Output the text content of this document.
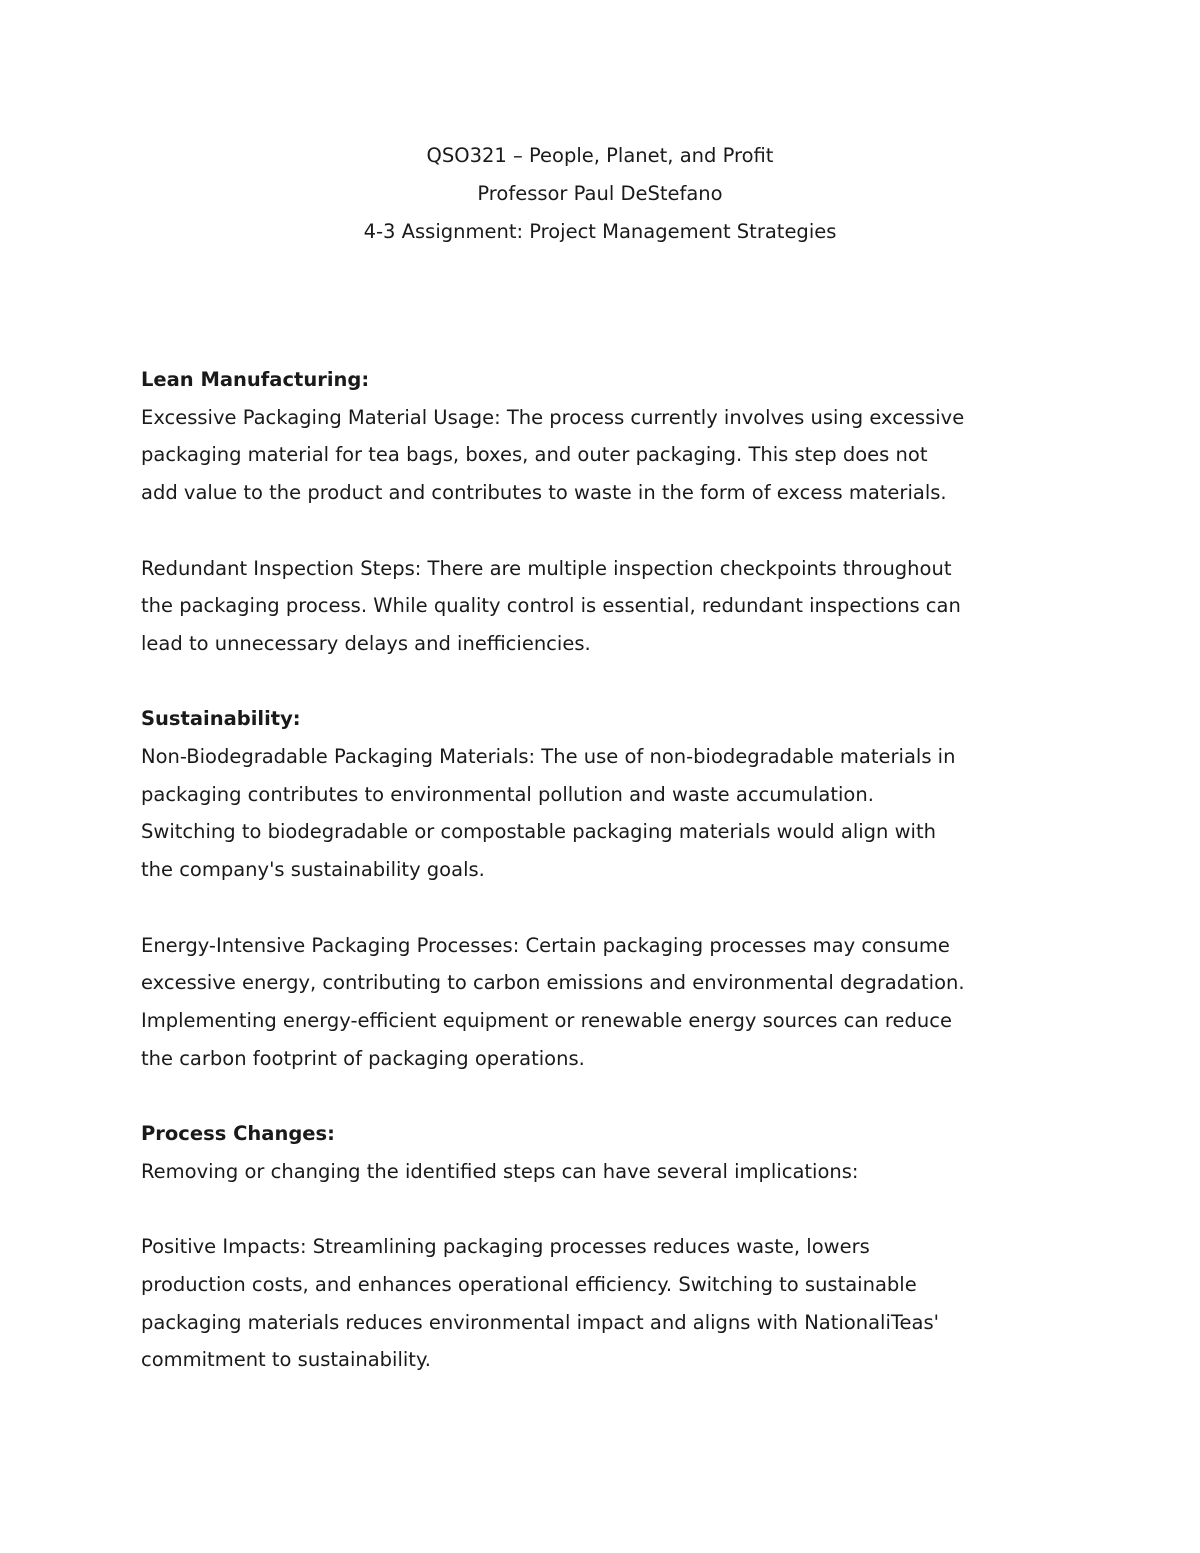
QSO321 – People, Planet, and Profit
Professor Paul DeStefano
4-3 Assignment: Project Management Strategies
Lean Manufacturing:
Excessive Packaging Material Usage: The process currently involves using excessive
packaging material for tea bags, boxes, and outer packaging. This step does not
add value to the product and contributes to waste in the form of excess materials.
Redundant Inspection Steps: There are multiple inspection checkpoints throughout
the packaging process. While quality control is essential, redundant inspections can
lead to unnecessary delays and inefficiencies.
Sustainability:
Non-Biodegradable Packaging Materials: The use of non-biodegradable materials in
packaging contributes to environmental pollution and waste accumulation.
Switching to biodegradable or compostable packaging materials would align with
the company's sustainability goals.
Energy-Intensive Packaging Processes: Certain packaging processes may consume
excessive energy, contributing to carbon emissions and environmental degradation.
Implementing energy-efficient equipment or renewable energy sources can reduce
the carbon footprint of packaging operations.
Process Changes:
Removing or changing the identified steps can have several implications:
Positive Impacts: Streamlining packaging processes reduces waste, lowers
production costs, and enhances operational efficiency. Switching to sustainable
packaging materials reduces environmental impact and aligns with NationaliTeas'
commitment to sustainability.
